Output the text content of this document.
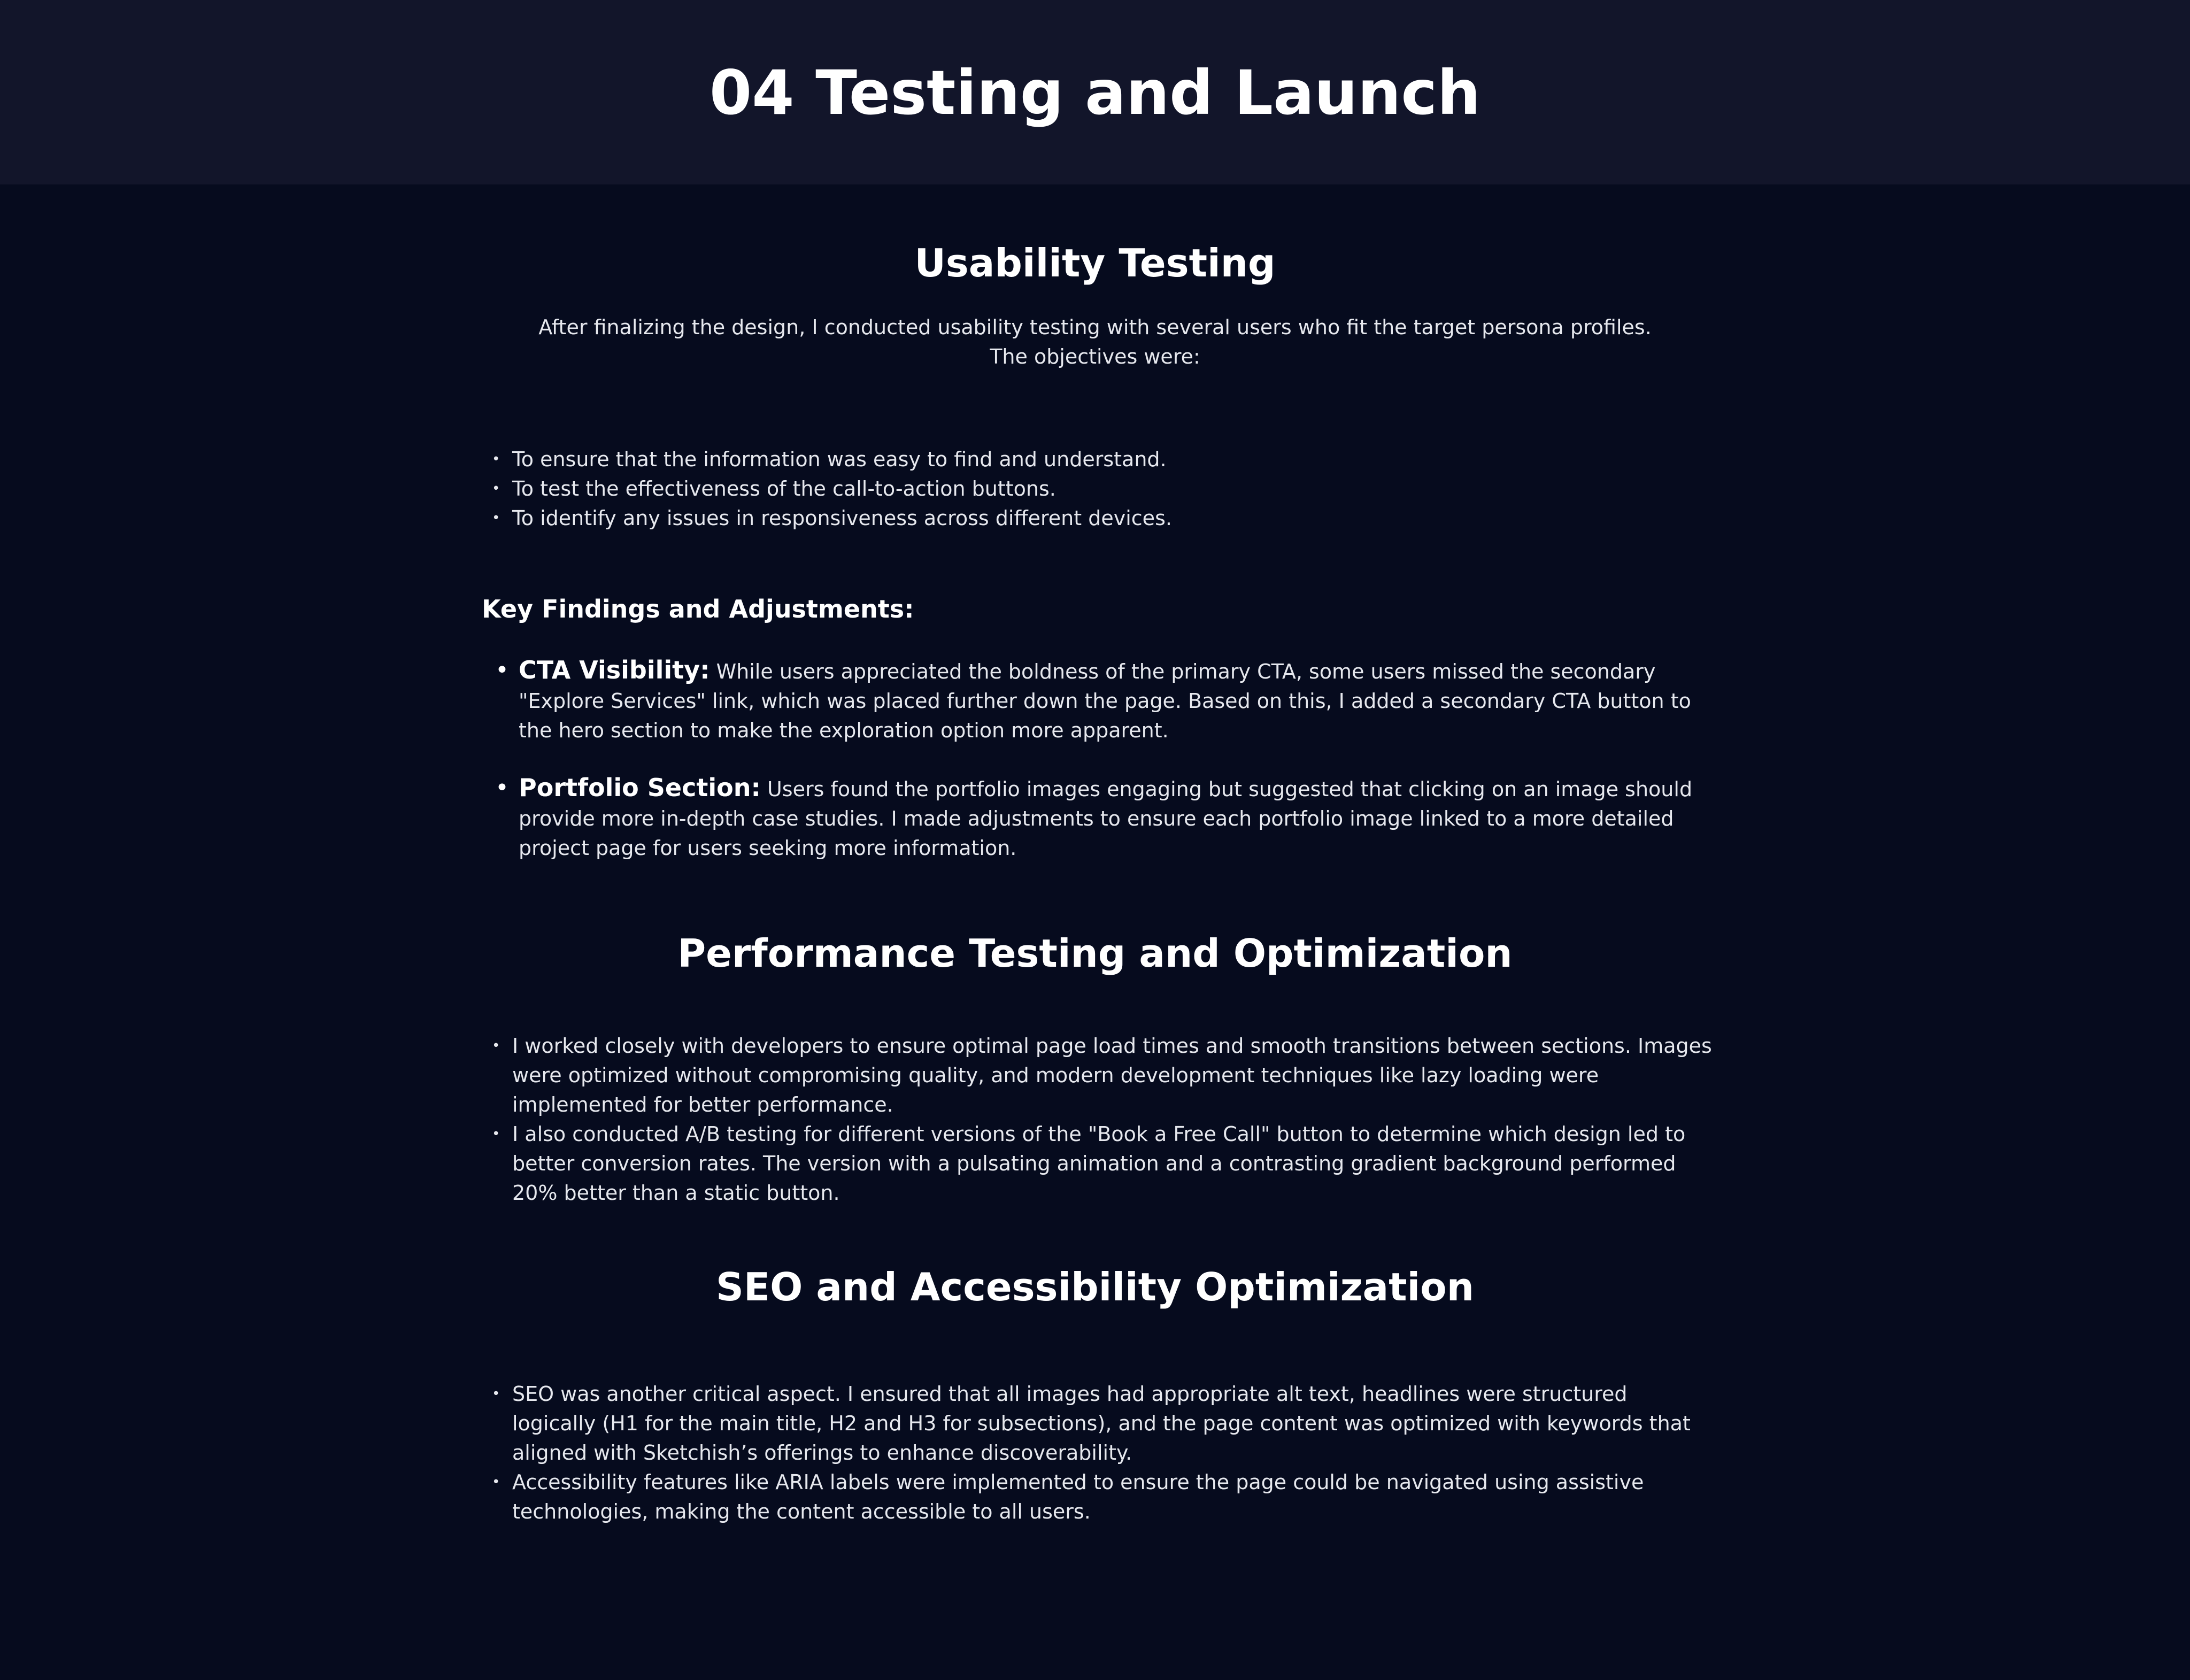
04 Testing and Launch
Usability Testing

After finalizing the design, I conducted usability testing with several users who fit the target persona profiles. The objectives were:

• To ensure that the information was easy to find and understand.
• To test the effectiveness of the call-to-action buttons.
• To identify any issues in responsiveness across different devices.
Key Findings and Adjustments:

• CTA Visibility: While users appreciated the boldness of the primary CTA, some users missed the secondary "Explore Services" link, which was placed further down the page. Based on this, I added a secondary CTA button to the hero section to make the exploration option more apparent.

• Portfolio Section: Users found the portfolio images engaging but suggested that clicking on an image should provide more in-depth case studies. I made adjustments to ensure each portfolio image linked to a more detailed project page for users seeking more information.

Performance Testing and Optimization
• I worked closely with developers to ensure optimal page load times and smooth transitions between sections. Images were optimized without compromising quality, and modern development techniques like lazy loading were implemented for better performance.
• I also conducted A/B testing for different versions of the "Book a Free Call" button to determine which design led to better conversion rates. The version with a pulsating animation and a contrasting gradient background performed 20% better than a static button.
SEO and Accessibility Optimization
• SEO was another critical aspect. I ensured that all images had appropriate alt text, headlines were structured logically (H1 for the main title, H2 and H3 for subsections), and the page content was optimized with keywords that aligned with Sketchish’s offerings to enhance discoverability.
• Accessibility features like ARIA labels were implemented to ensure the page could be navigated using assistive technologies, making the content accessible to all users.
